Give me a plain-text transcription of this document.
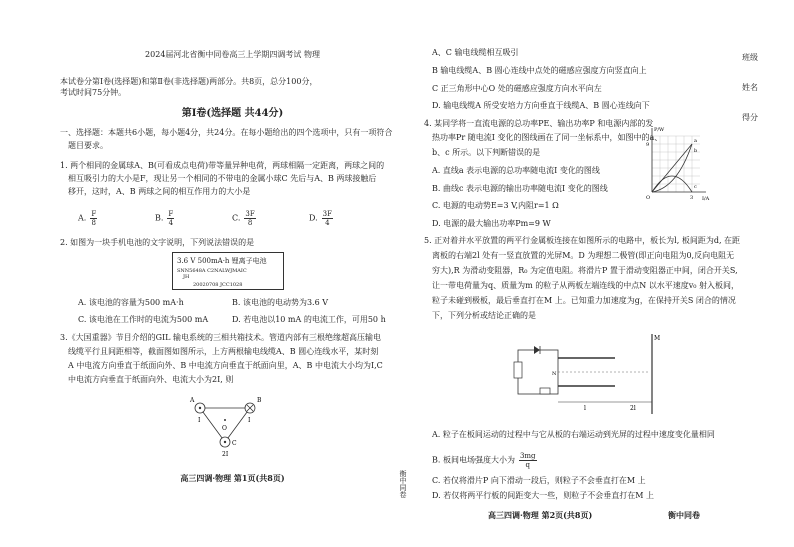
2024届河北省衡中同卷高三上学期四调考试 物理
本试卷分第Ⅰ卷(选择题)和第Ⅱ卷(非选择题)两部分。共8页，总分100分，
考试时间75分钟。
第Ⅰ卷(选择题 共44分)
一、选择题：本题共6小题，每小题4分，共24分。在每小题给出的四个选项中，只有一项符合
题目要求。
1. 两个相同的金属球A、B(可看成点电荷)带等量异种电荷，两球相隔一定距离，两球之间的
相互吸引力的大小是F，现让另一个相同的不带电的金属小球C 先后与A、B 两球接触后
移开，这时，A、B 两球之间的相互作用力的大小是
A. $\frac{F}{8}$	B. $\frac{F}{4}$	C. $\frac{3F}{8}$	D. $\frac{3F}{4}$
2. 如图为一块手机电池的文字说明，下列说法错误的是
3.6 V 500mA·h 锂离子电池
SNN5648A C2NALWJMAIC
JH
20020708 JCC1028
A. 该电池的容量为500 mA·h	B. 该电池的电动势为3.6 V
C. 该电池在工作时的电流为500 mA	D. 若电池以10 mA 的电流工作，可用50 h
3.《大国重器》节目介绍的GIL 输电系统的三相共箱技术。管道内部有三根绝缘超高压输电
线缆平行且间距相等，截面图如图所示，上方两根输电线缆A、B 圆心连线水平，某时刻
A 中电流方向垂直于纸面向外、B 中电流方向垂直于纸面向里，A、B 中电流大小均为I,C
中电流方向垂直于纸面向外、电流大小为2I, 则
A	B
C
O
I	I
2I
高三四调·物理 第1页(共8页)	衡中同卷
A、C 输电线缆相互吸引
B 输电线缆A、B 圆心连线中点处的磁感应强度方向竖直向上
C 正三角形中心O 处的磁感应强度方向水平向左
D. 输电线缆A 所受安培力方向垂直于线缆A、B 圆心连线向下
4. 某同学将一直流电源的总功率PE、输出功率P 和电源内部的发
热功率Pr 随电流I 变化的图线画在了同一坐标系中，如图中的a、
b、c 所示。以下判断错误的是
A. 直线a 表示电源的总功率随电流I 变化的图线
B. 曲线c 表示电源的输出功率随电流I 变化的图线
C. 电源的电动势E=3 V,内阻r=1 Ω
D. 电源的最大输出功率Pm=9 W
P/W
I/A
O
9
3
a
b
c
5. 正对着并水平放置的两平行金属板连接在如图所示的电路中，板长为l, 板间距为d, 在距
离板的右端2l 处有一竖直放置的光屏M。D 为理想二极管(即正向电阻为0,反向电阻无
穷大),R 为滑动变阻器，R₀ 为定值电阻。将滑片P 置于滑动变阻器正中间，闭合开关S,
让一带电荷量为q、质量为m 的粒子从两板左端连线的中点N 以水平速度v₀ 射入板间，
粒子未碰到极板，最后垂直打在M 上。已知重力加速度为g，在保持开关S 闭合的情况
下，下列分析或结论正确的是
M
l	2l
N
A. 粒子在板间运动的过程中与它从板的右端运动到光屏的过程中速度变化量相同
B. 板间电场强度大小为 $\frac{3mg}{q}$
C. 若仅将滑片P 向下滑动一段后，则粒子不会垂直打在M 上
D. 若仅将两平行板的间距变大一些，则粒子不会垂直打在M 上
高三四调·物理 第2页(共8页)	衡中同卷
班级
姓名
得分
